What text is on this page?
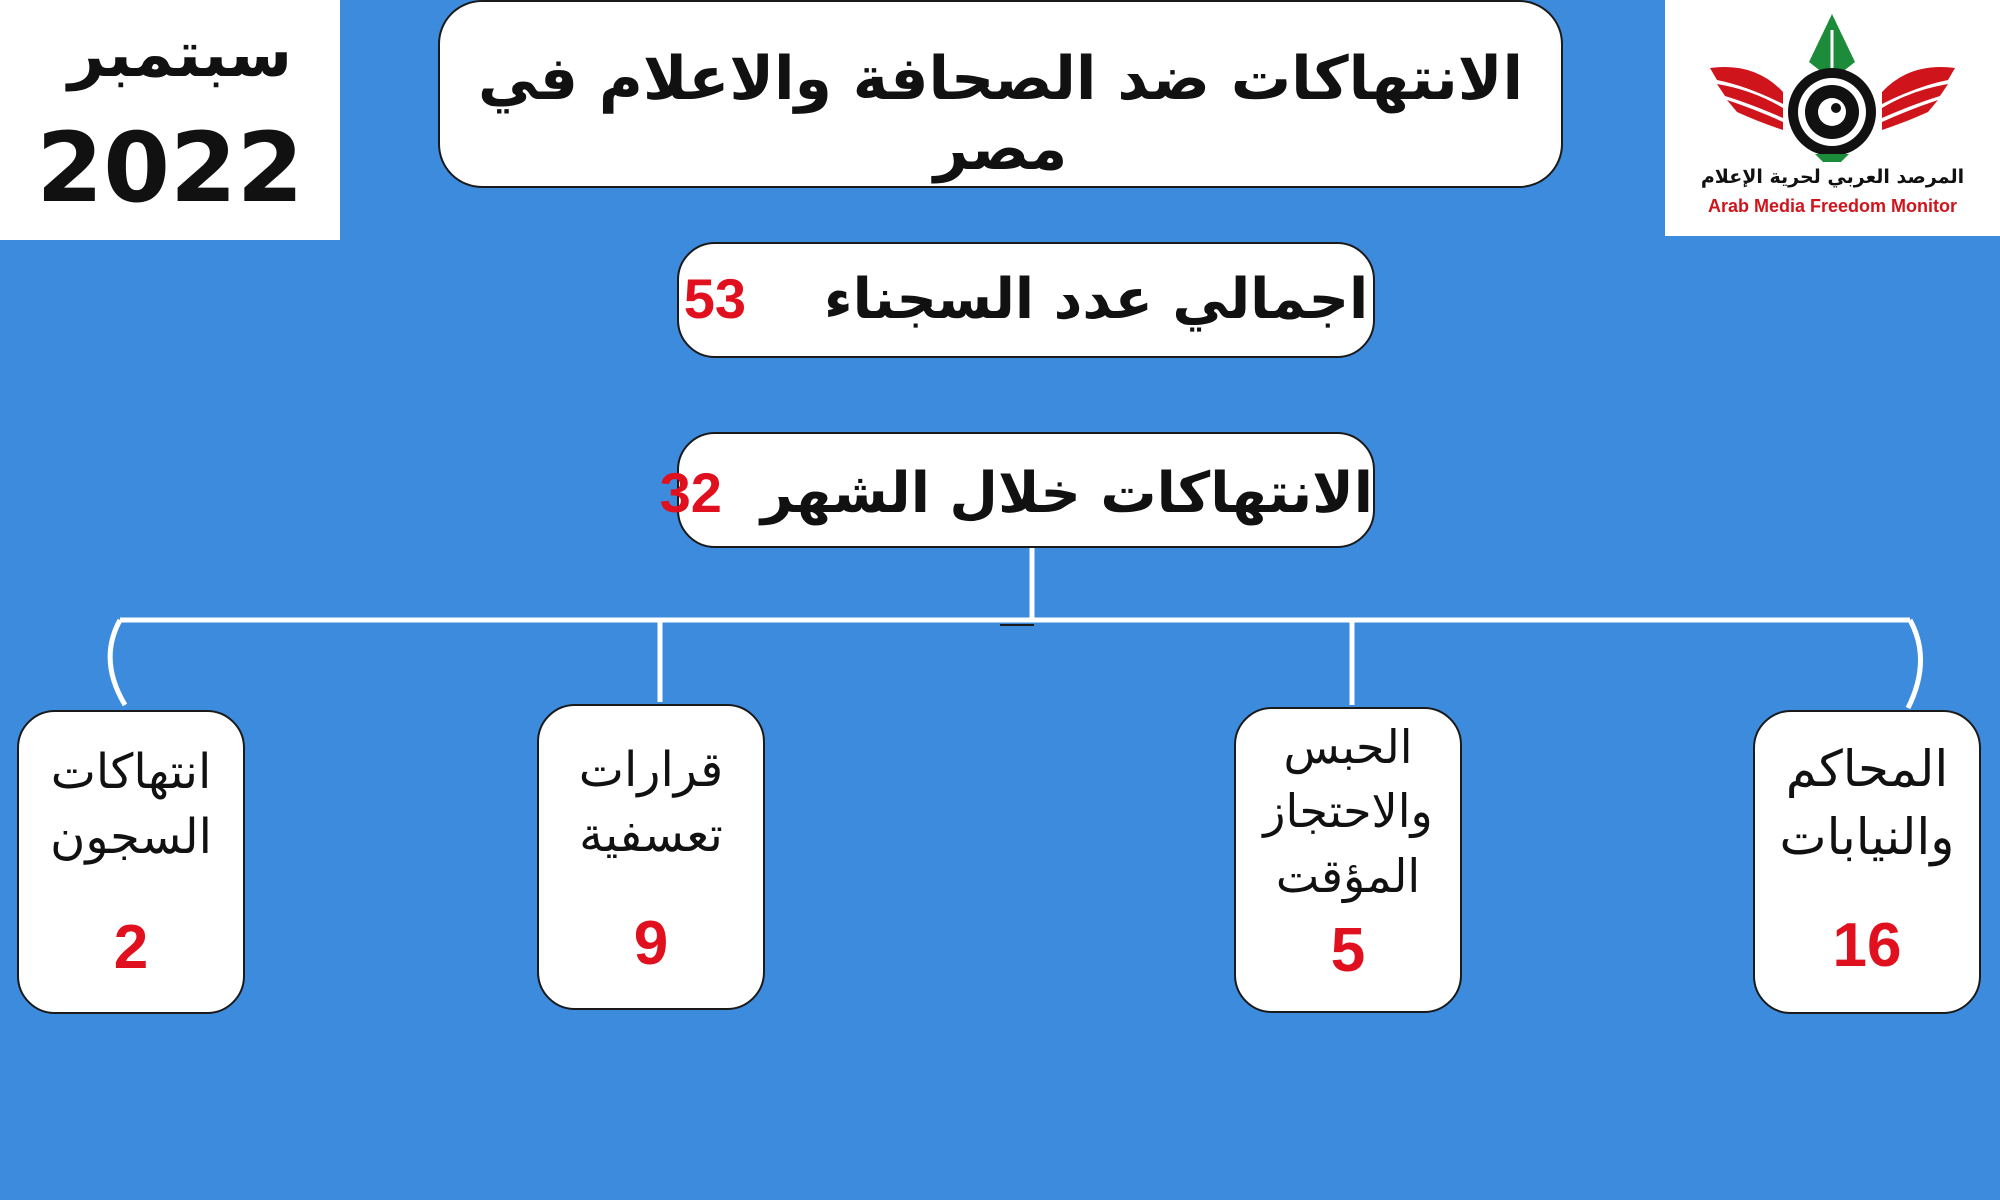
سبتمبر
2022	المرصد العربي لحرية الإعلام
Arab Media Freedom Monitor
الانتهاكات ضد الصحافة والاعلام في مصر
اجمالي عدد السجناء    53
الانتهاكات خلال الشهر  32
انتهاكات
السجون
2
قرارات
تعسفية
9
الحبس
والاحتجاز
المؤقت
5
المحاكم
والنيابات
16
